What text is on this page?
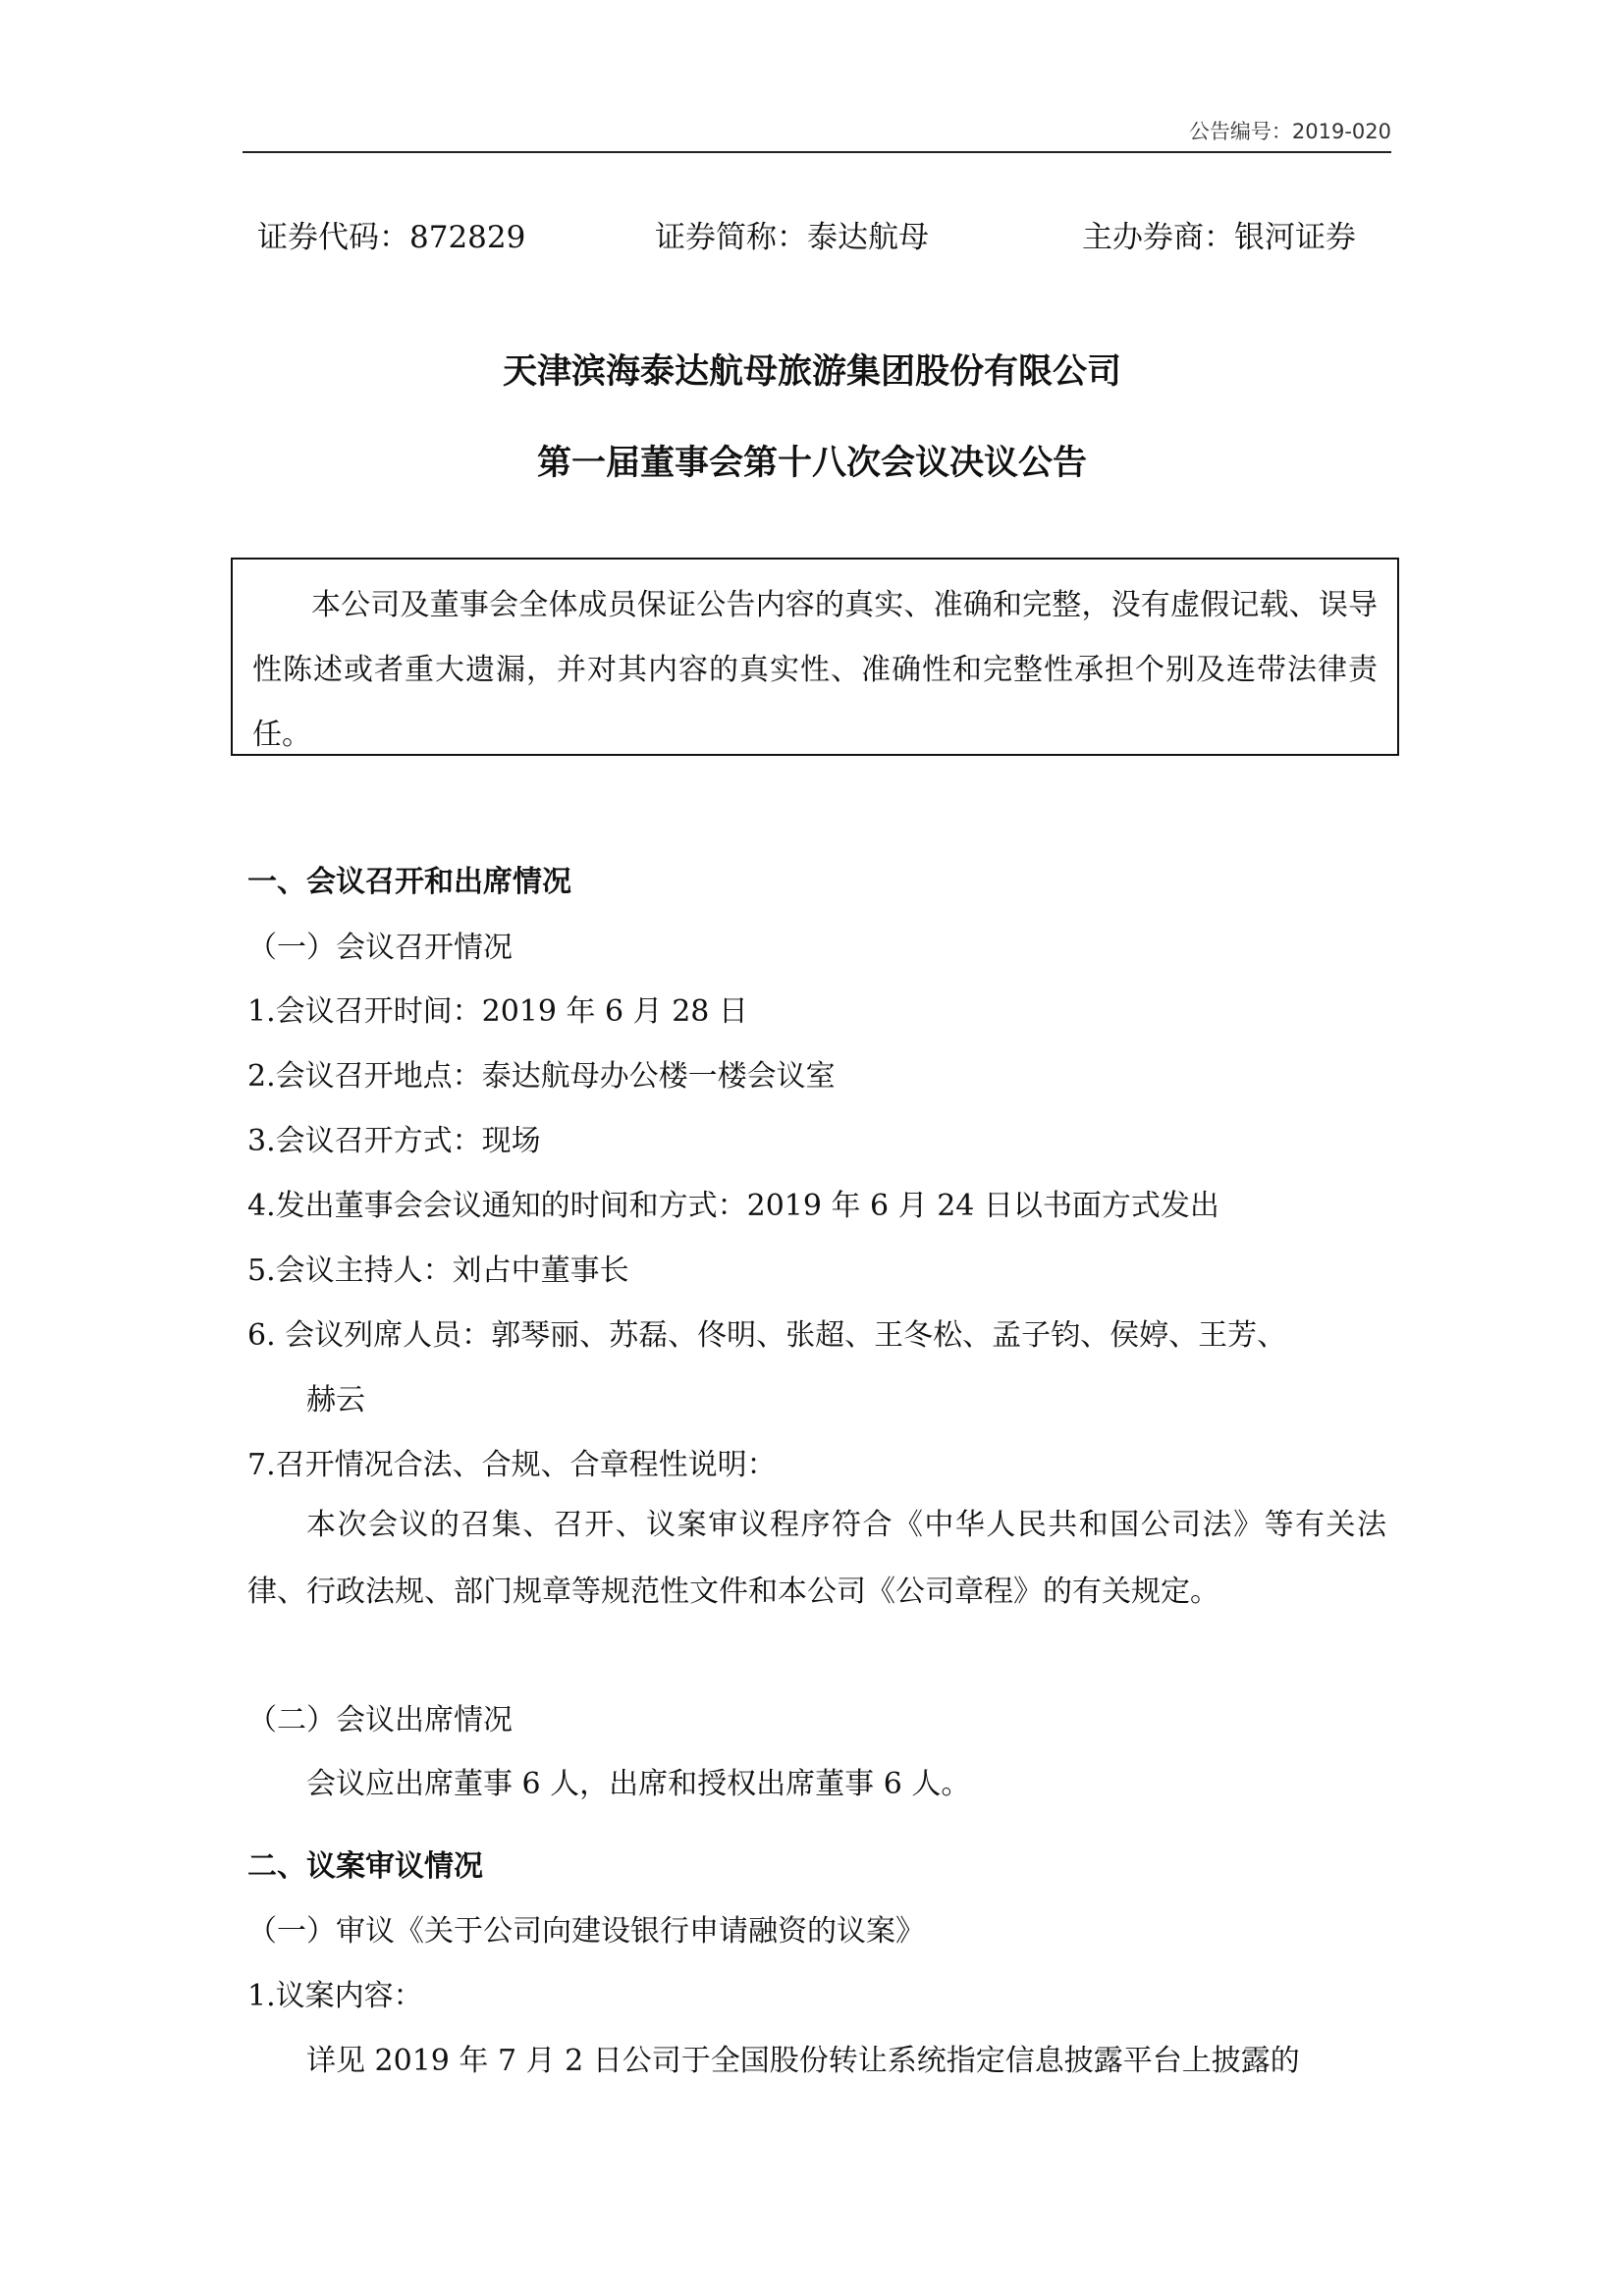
公告编号：2019-020
证券代码：872829	证券简称：泰达航母	主办券商：银河证券
天津滨海泰达航母旅游集团股份有限公司
第一届董事会第十八次会议决议公告

本公司及董事会全体成员保证公告内容的真实、准确和完整，没有虚假记载、误导性陈述或者重大遗漏，并对其内容的真实性、准确性和完整性承担个别及连带法律责任。

一、会议召开和出席情况
（一）会议召开情况
1.会议召开时间：2019 年 6 月 28 日
2.会议召开地点：泰达航母办公楼一楼会议室
3.会议召开方式：现场
4.发出董事会会议通知的时间和方式：2019 年 6 月 24 日以书面方式发出
5.会议主持人：刘占中董事长
6. 会议列席人员：郭琴丽、苏磊、佟明、张超、王冬松、孟子钧、侯婷、王芳、
赫云
7.召开情况合法、合规、合章程性说明：

本次会议的召集、召开、议案审议程序符合《中华人民共和国公司法》等有关法律、行政法规、部门规章等规范性文件和本公司《公司章程》的有关规定。

（二）会议出席情况
会议应出席董事 6 人，出席和授权出席董事 6 人。
二、议案审议情况
（一）审议《关于公司向建设银行申请融资的议案》
1.议案内容：
详见 2019 年 7 月 2 日公司于全国股份转让系统指定信息披露平台上披露的
